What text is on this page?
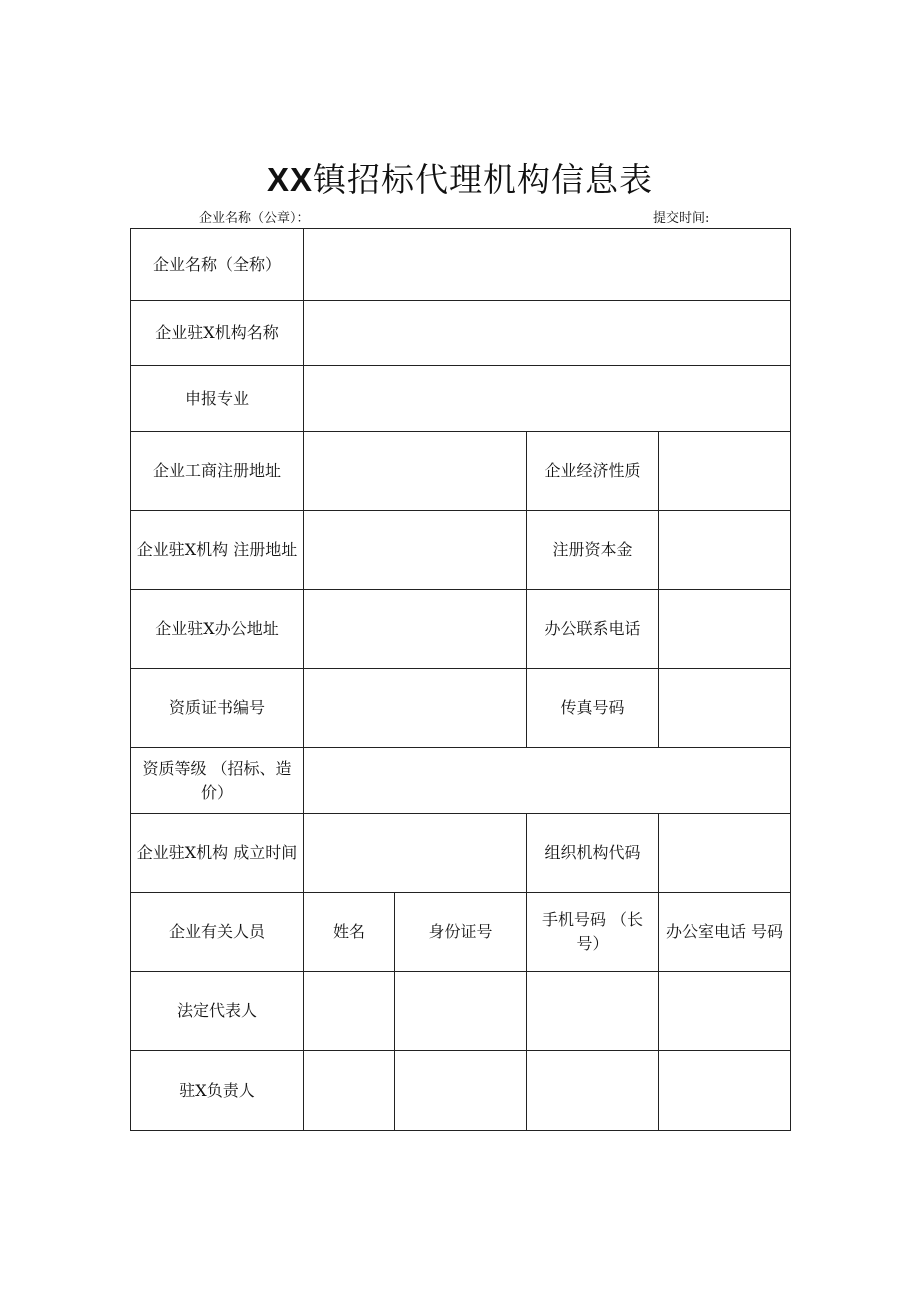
XX镇招标代理机构信息表
企业名称（公章）：	提交时间:
企业名称（全称）				
企业驻X机构名称				
申报专业				
企业工商注册地址			企业经济性质	
企业驻X机构 注册地址			注册资本金	
企业驻X办公地址			办公联系电话	
资质证书编号			传真号码	
资质等级 （招标、造价）				
企业驻X机构 成立时间			组织机构代码	
企业有关人员	姓名	身份证号	手机号码 （长号）	办公室电话 号码
法定代表人				
驻X负责人				
